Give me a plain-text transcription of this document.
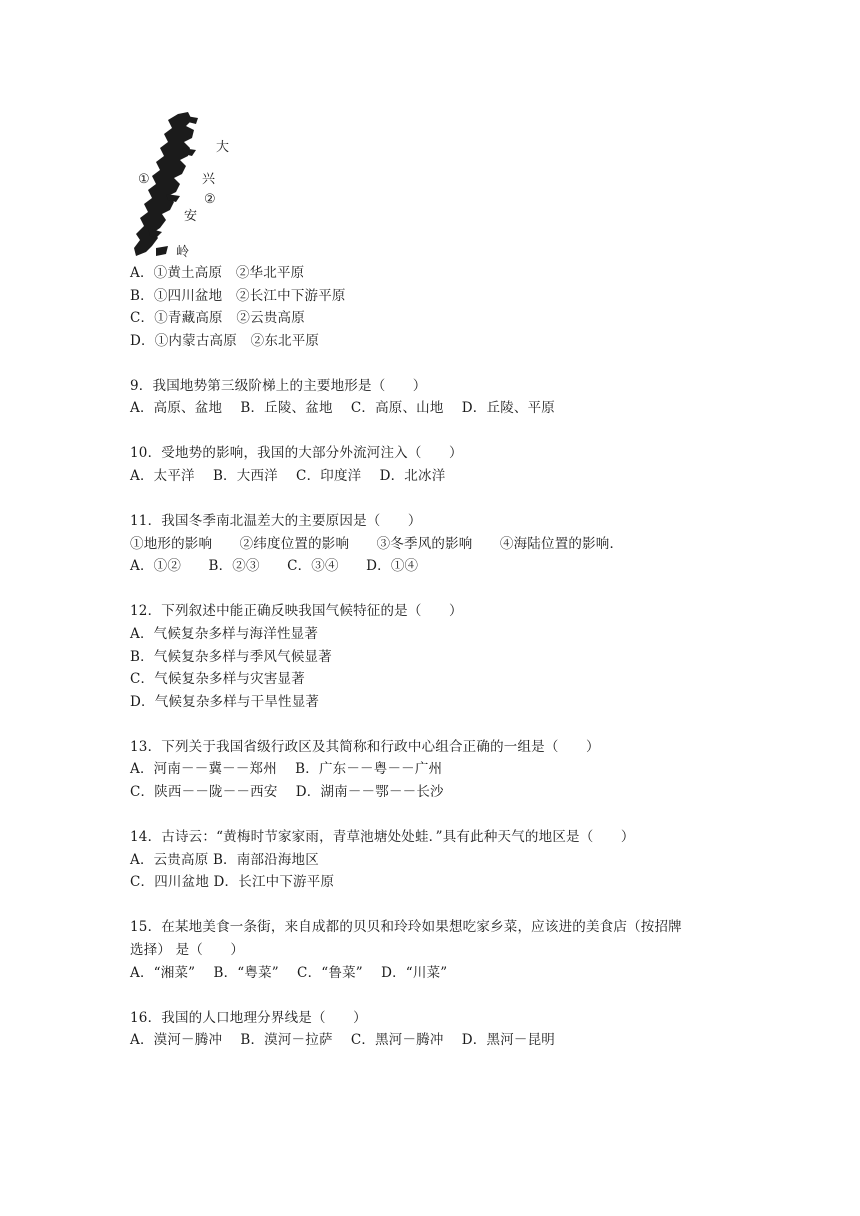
①
②
大
兴
安
岭
A．①黄土高原　②华北平原
B．①四川盆地　②长江中下游平原
C．①青藏高原　②云贵高原
D．①内蒙古高原　②东北平原
9．我国地势第三级阶梯上的主要地形是（　　）
A．高原、盆地　 B．丘陵、盆地　 C．高原、山地　 D．丘陵、平原
10．受地势的影响，我国的大部分外流河注入（　　）
A．太平洋　 B．大西洋　 C．印度洋　 D．北冰洋
11．我国冬季南北温差大的主要原因是（　　）
①地形的影响　　②纬度位置的影响　　③冬季风的影响　　④海陆位置的影响．
A．①②　　B．②③　　C．③④　　D．①④
12．下列叙述中能正确反映我国气候特征的是（　　）
A．气候复杂多样与海洋性显著
B．气候复杂多样与季风气候显著
C．气候复杂多样与灾害显著
D．气候复杂多样与干旱性显著
13．下列关于我国省级行政区及其简称和行政中心组合正确的一组是（　　）
A．河南－－冀－－郑州　 B．广东－－粤－－广州
C．陕西－－陇－－西安　 D．湖南－－鄂－－长沙
14．古诗云：“黄梅时节家家雨，青草池塘处处蛙．”具有此种天气的地区是（　　）
A．云贵高原 B．南部沿海地区
C．四川盆地 D．长江中下游平原
15．在某地美食一条街，来自成都的贝贝和玲玲如果想吃家乡菜，应该进的美食店（按招牌
选择） 是（　　）
A．“湘菜”　 B．“粤菜”　 C．“鲁菜”　 D．“川菜”
16．我国的人口地理分界线是（　　）
A．漠河－腾冲　 B．漠河－拉萨　 C．黑河－腾冲　 D．黑河－昆明
